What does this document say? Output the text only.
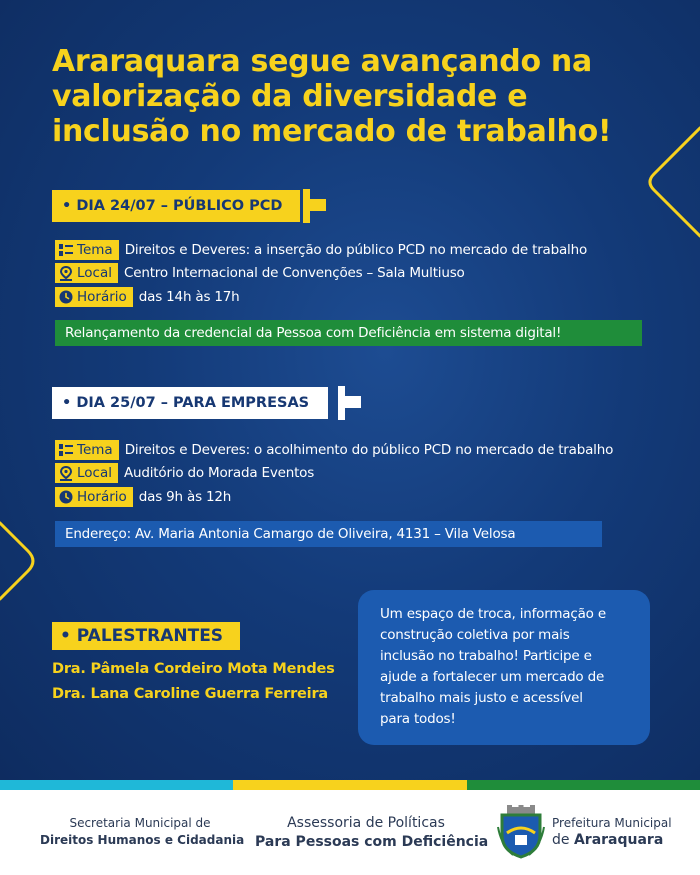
Araraquara segue avançando na
valorização da diversidade e
inclusão no mercado de trabalho!
• DIA 24/07 – PÚBLICO PCD
Tema Direitos e Deveres: a inserção do público PCD no mercado de trabalho
Local Centro Internacional de Convenções – Sala Multiuso
Horário das 14h às 17h
Relançamento da credencial da Pessoa com Deficiência em sistema digital!
• DIA 25/07 – PARA EMPRESAS
Tema Direitos e Deveres: o acolhimento do público PCD no mercado de trabalho
Local Auditório do Morada Eventos
Horário das 9h às 12h
Endereço: Av. Maria Antonia Camargo de Oliveira, 4131 – Vila Velosa
• PALESTRANTES
Dra. Pâmela Cordeiro Mota Mendes
Dra. Lana Caroline Guerra Ferreira
Um espaço de troca, informação e
construção coletiva por mais
inclusão no trabalho! Participe e
ajude a fortalecer um mercado de
trabalho mais justo e acessível
para todos!
Secretaria Municipal de
Direitos Humanos e Cidadania
Assessoria de Políticas
Para Pessoas com Deficiência
Prefeitura Municipal
de Araraquara
